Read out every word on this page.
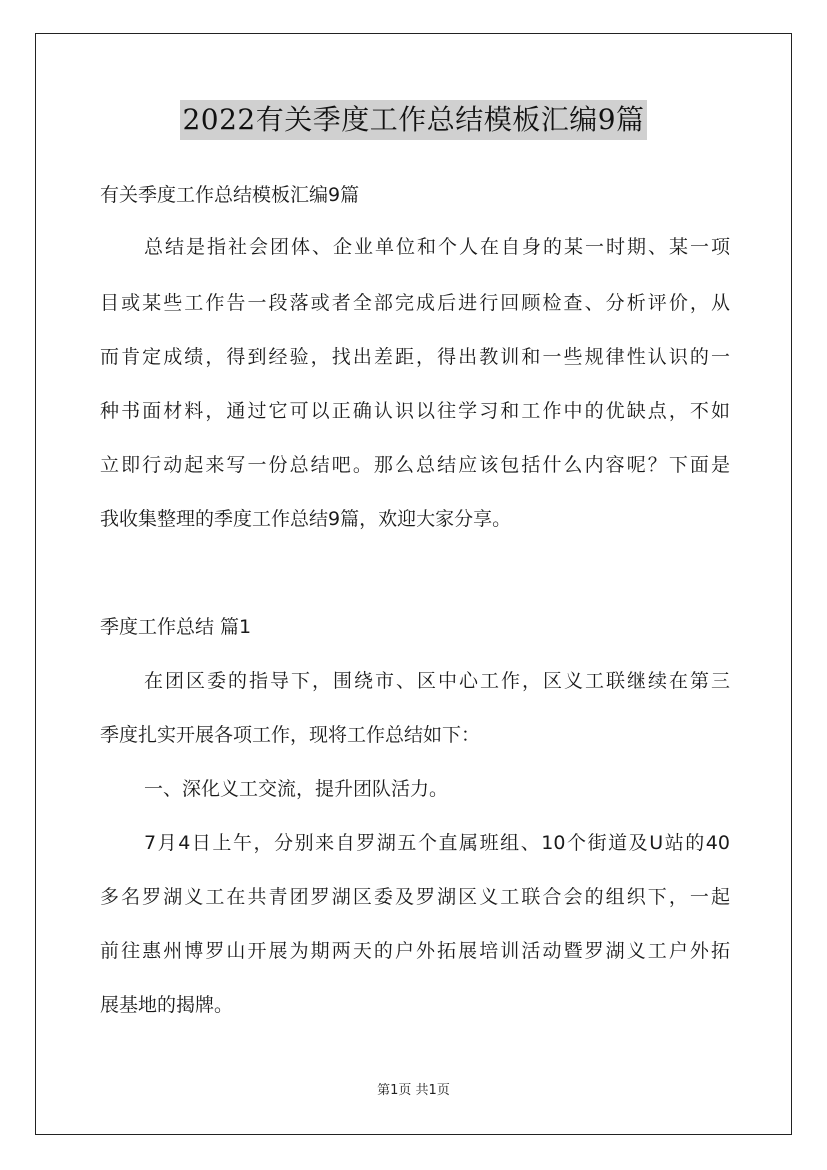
2022有关季度工作总结模板汇编9篇
有关季度工作总结模板汇编9篇
总结是指社会团体、企业单位和个人在自身的某一时期、某一项
目或某些工作告一段落或者全部完成后进行回顾检查、分析评价，从
而肯定成绩，得到经验，找出差距，得出教训和一些规律性认识的一
种书面材料，通过它可以正确认识以往学习和工作中的优缺点，不如
立即行动起来写一份总结吧。那么总结应该包括什么内容呢？下面是
我收集整理的季度工作总结9篇，欢迎大家分享。
季度工作总结 篇1
在团区委的指导下，围绕市、区中心工作，区义工联继续在第三
季度扎实开展各项工作，现将工作总结如下：
一、深化义工交流，提升团队活力。
7月4日上午，分别来自罗湖五个直属班组、10个街道及U站的40
多名罗湖义工在共青团罗湖区委及罗湖区义工联合会的组织下，一起
前往惠州博罗山开展为期两天的户外拓展培训活动暨罗湖义工户外拓
展基地的揭牌。
第1页 共1页
